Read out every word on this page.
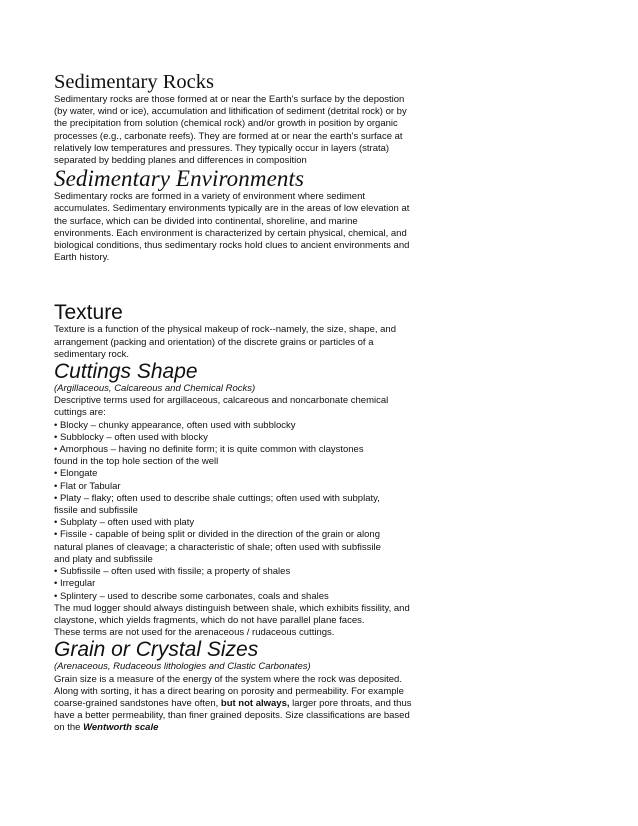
Sedimentary Rocks

Sedimentary rocks are those formed at or near the Earth's surface by the depostion

(by water, wind or ice), accumulation and lithification of sediment (detrital rock) or by

the precipitation from solution (chemical rock) and/or growth in position by organic

processes (e.g., carbonate reefs). They are formed at or near the earth's surface at

relatively low temperatures and pressures. They typically occur in layers (strata)

separated by bedding planes and differences in composition

Sedimentary Environments

Sedimentary rocks are formed in a variety of environment where sediment

accumulates. Sedimentary environments typically are in the areas of low elevation at

the surface, which can be divided into continental, shoreline, and marine

environments. Each environment is characterized by certain physical, chemical, and

biological conditions, thus sedimentary rocks hold clues to ancient environments and

Earth history.

Texture

Texture is a function of the physical makeup of rock--namely, the size, shape, and

arrangement (packing and orientation) of the discrete grains or particles of a

sedimentary rock.

Cuttings Shape

(Argillaceous, Calcareous and Chemical Rocks)

Descriptive terms used for argillaceous, calcareous and noncarbonate chemical

cuttings are:

• Blocky – chunky appearance, often used with subblocky

• Subblocky – often used with blocky

• Amorphous – having no definite form; it is quite common with claystones

found in the top hole section of the well

• Elongate

• Flat or Tabular

• Platy – flaky; often used to describe shale cuttings; often used with subplaty,

fissile and subfissile

• Subplaty – often used with platy

• Fissile - capable of being split or divided in the direction of the grain or along

natural planes of cleavage; a characteristic of shale; often used with subfissile

and platy and subfissile

• Subfissile – often used with fissile; a property of shales

• Irregular

• Splintery – used to describe some carbonates, coals and shales

The mud logger should always distinguish between shale, which exhibits fissility, and

claystone, which yields fragments, which do not have parallel plane faces.

These terms are not used for the arenaceous / rudaceous cuttings.

Grain or Crystal Sizes

(Arenaceous, Rudaceous lithologies and Clastic Carbonates)

Grain size is a measure of the energy of the system where the rock was deposited.

Along with sorting, it has a direct bearing on porosity and permeability. For example

coarse-grained sandstones have often, but not always, larger pore throats, and thus

have a better permeability, than finer grained deposits. Size classifications are based

on the Wentworth scale
